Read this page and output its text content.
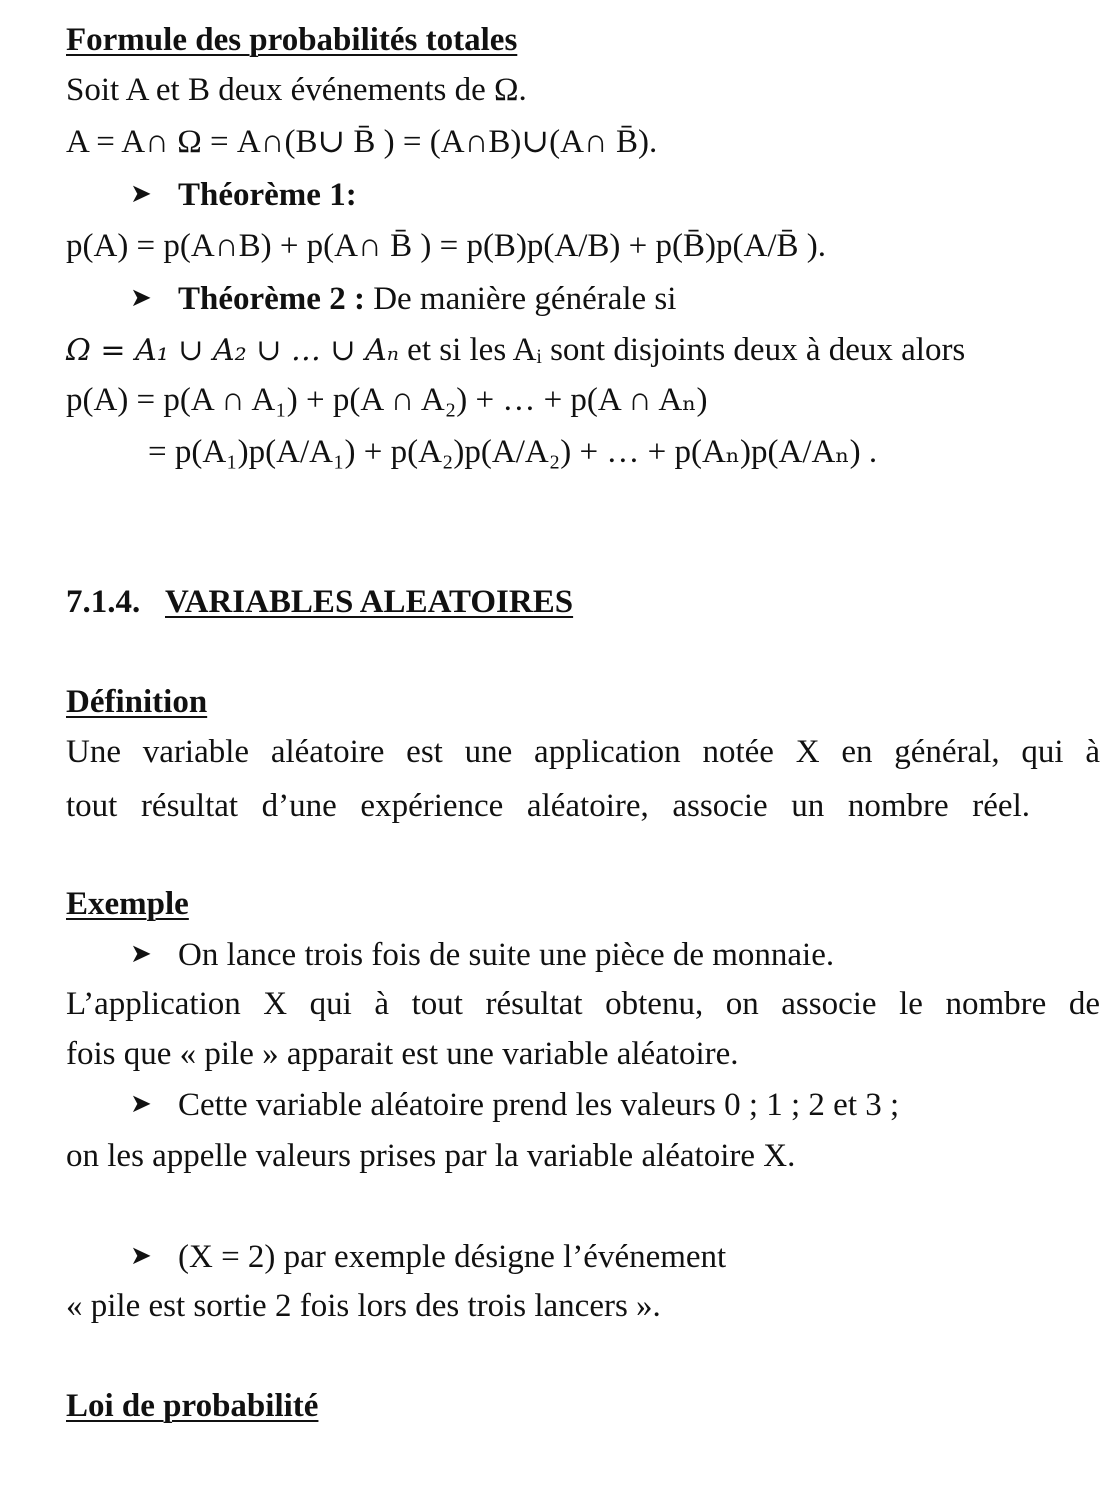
Formule des probabilités totales
Soit A et B deux événements de Ω.
A = A∩ Ω = A∩(B∪ B̄ ) = (A∩B)∪(A∩ B̄).
➤ Théorème 1:
p(A) = p(A∩B) + p(A∩ B̄ ) = p(B)p(A/B) + p(B̄)p(A/B̄ ).
➤ Théorème 2 : De manière générale si
Ω = A₁ ∪ A₂ ∪ … ∪ Aₙ et si les Aᵢ sont disjoints deux à deux alors
p(A) = p(A ∩ A₁) + p(A ∩ A₂) + … + p(A ∩ Aₙ)
= p(A₁)p(A/A₁) + p(A₂)p(A/A₂) + … + p(Aₙ)p(A/Aₙ) .
7.1.4. VARIABLES ALEATOIRES
Définition
Une variable aléatoire est une application notée X en général, qui à
tout résultat d’une expérience aléatoire, associe un nombre réel.
Exemple
➤ On lance trois fois de suite une pièce de monnaie.
L’application X qui à tout résultat obtenu, on associe le nombre de
fois que « pile » apparait est une variable aléatoire.
➤ Cette variable aléatoire prend les valeurs 0 ; 1 ; 2 et 3 ;
on les appelle valeurs prises par la variable aléatoire X.
➤ (X = 2) par exemple désigne l’événement
« pile est sortie 2 fois lors des trois lancers ».
Loi de probabilité
